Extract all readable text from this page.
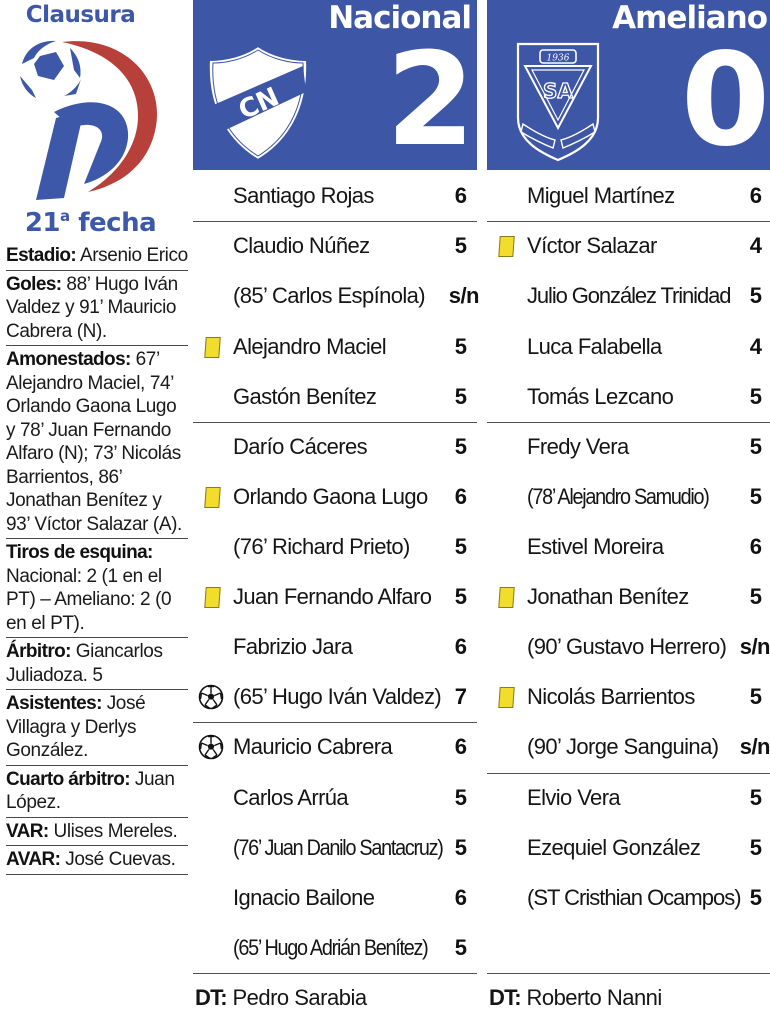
Clausura
21$^a$ fecha
Estadio: Arsenio Erico
Goles: 88’ Hugo Iván Valdez y 91’ Mauricio Cabrera (N).
Amonestados: 67’ Alejandro Maciel, 74’ Orlando Gaona Lugo y 78’ Juan Fernando Alfaro (N); 73’ Nicolás Barrientos, 86’ Jonathan Benítez y 93’ Víctor Salazar (A).
Tiros de esquina: Nacional: 2 (1 en el PT) – Ameliano: 2 (0 en el PT).
Árbitro: Giancarlos Juliadoza. 5
Asistentes: José Villagra y Derlys González.
Cuarto árbitro: Juan López.
VAR: Ulises Mereles.
AVAR: José Cuevas.
CN
Nacional
2
Santiago Rojas	6
Claudio Núñez	5
(85’ Carlos Espínola) s/n
Alejandro Maciel	5
Gastón Benítez	5
Darío Cáceres	5
Orlando Gaona Lugo 6
(76’ Richard Prieto) 5
Juan Fernando Alfaro 5
Fabrizio Jara	6
(65’ Hugo Iván Valdez) 7
Mauricio Cabrera	6
Carlos Arrúa	5
(76’ Juan Danilo Santacruz) 5
Ignacio Bailone	6
(65’ Hugo Adrián Benítez) 5
DT: Pedro Sarabia
1936
SA
Ameliano
0
Miguel Martínez	6
Víctor Salazar	4
Julio González Trinidad 5
Luca Falabella	4
Tomás Lezcano	5
Fredy Vera	5
(78’ Alejandro Samudio) 5
Estivel Moreira	6
Jonathan Benítez	5
(90’ Gustavo Herrero) s/n
Nicolás Barrientos	5
(90’ Jorge Sanguina) s/n
Elvio Vera	5
Ezequiel González 5
(ST Cristhian Ocampos) 5
DT: Roberto Nanni
